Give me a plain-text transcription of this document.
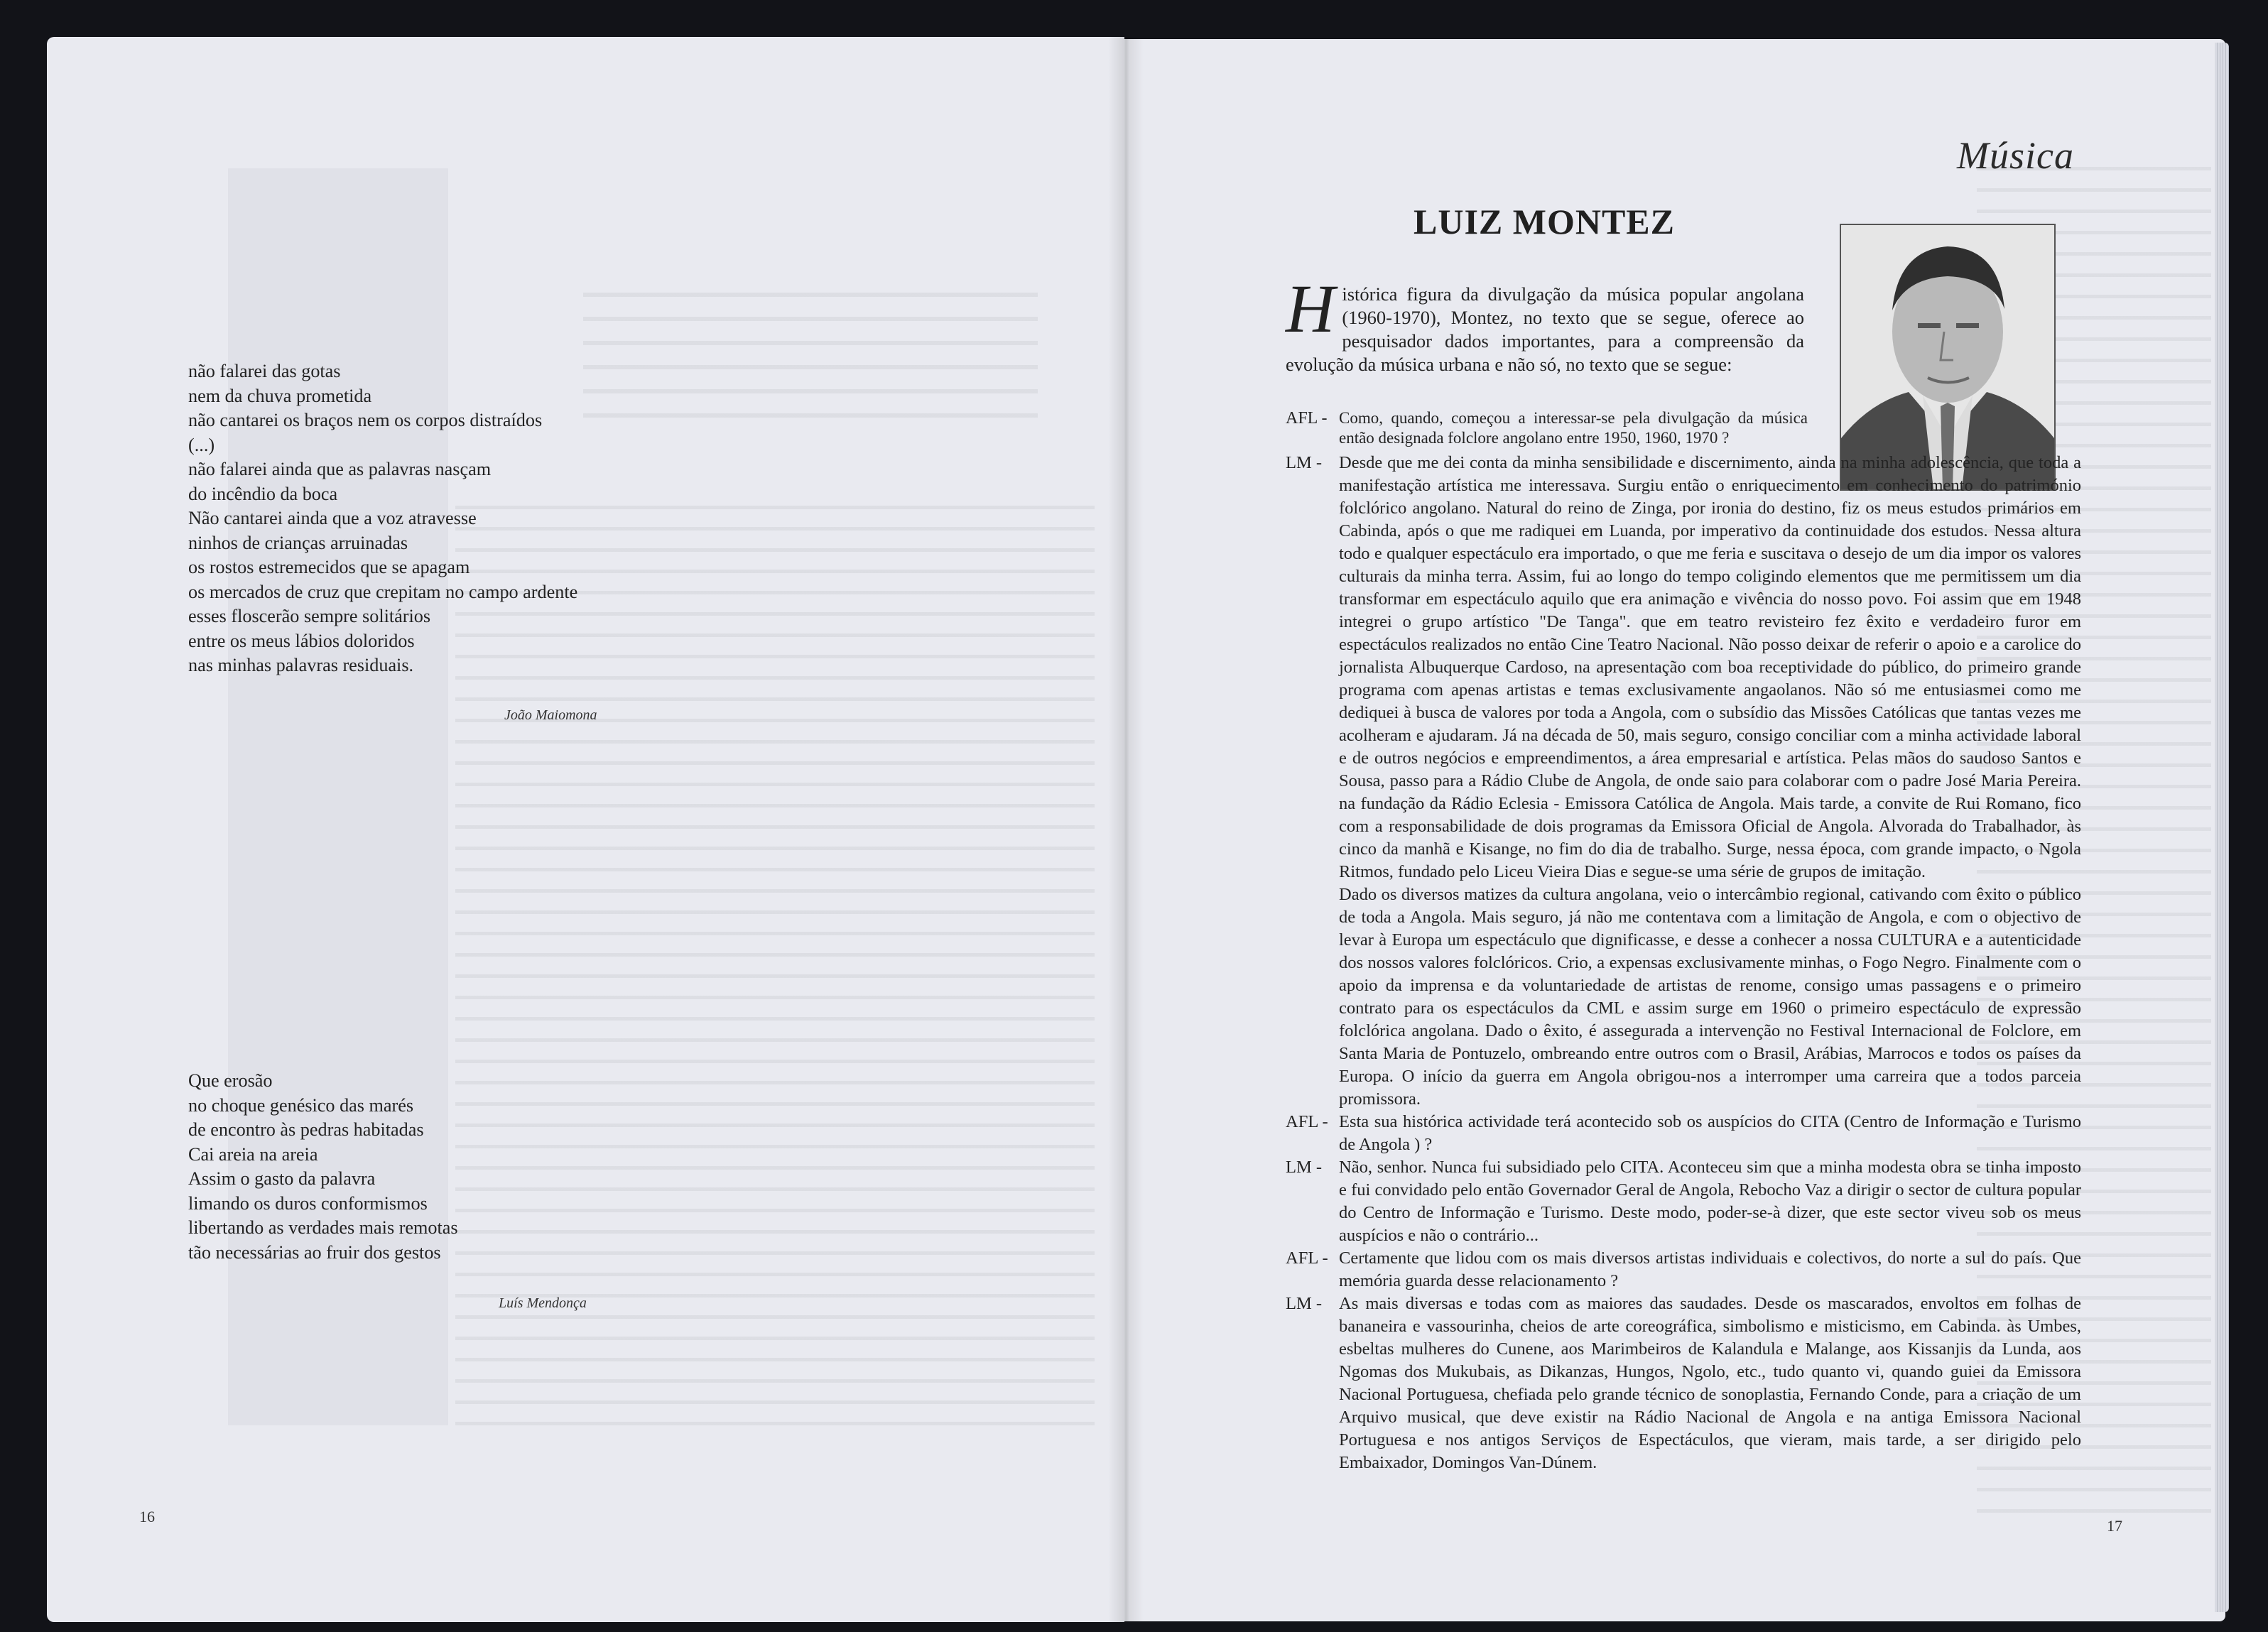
não falarei das gotas
nem da chuva prometida
não cantarei os braços nem os corpos distraídos
(...)
não falarei ainda que as palavras nasçam
do incêndio da boca
Não cantarei ainda que a voz atravesse
ninhos de crianças arruinadas
os rostos estremecidos que se apagam
os mercados de cruz que crepitam no campo ardente
esses floscerão sempre solitários
entre os meus lábios doloridos
nas minhas palavras residuais.
João Maiomona
Que erosão
no choque genésico das marés
de encontro às pedras habitadas
Cai areia na areia
Assim o gasto da palavra
limando os duros conformismos
libertando as verdades mais remotas
tão necessárias ao fruir dos gestos
Luís Mendonça
16
Música
LUIZ MONTEZ
H istórica figura da divulgação da música popular angolana (1960-1970), Montez, no texto que se segue, oferece ao pesquisador dados importantes, para a compreensão da evolução da música urbana e não só, no texto que se segue:
AFL - Como, quando, começou a interessar-se pela divulgação da música então designada folclore angolano entre 1950, 1960, 1970 ?
LM - Desde que me dei conta da minha sensibilidade e discernimento, ainda na minha adolescência, que toda a manifestação artística me interessava. Surgiu então o enriquecimento em conhecimento do património folclórico angolano. Natural do reino de Zinga, por ironia do destino, fiz os meus estudos primários em Cabinda, após o que me radiquei em Luanda, por imperativo da continuidade dos estudos. Nessa altura todo e qualquer espectáculo era importado, o que me feria e suscitava o desejo de um dia impor os valores culturais da minha terra. Assim, fui ao longo do tempo coligindo elementos que me permitissem um dia transformar em espectáculo aquilo que era animação e vivência do nosso povo. Foi assim que em 1948 integrei o grupo artístico "De Tanga". que em teatro revisteiro fez êxito e verdadeiro furor em espectáculos realizados no então Cine Teatro Nacional. Não posso deixar de referir o apoio e a carolice do jornalista Albuquerque Cardoso, na apresentação com boa receptividade do público, do primeiro grande programa com apenas artistas e temas exclusivamente angaolanos. Não só me entusiasmei como me dediquei à busca de valores por toda a Angola, com o subsídio das Missões Católicas que tantas vezes me acolheram e ajudaram. Já na década de 50, mais seguro, consigo conciliar com a minha actividade laboral e de outros negócios e empreendimentos, a área empresarial e artística. Pelas mãos do saudoso Santos e Sousa, passo para a Rádio Clube de Angola, de onde saio para colaborar com o padre José Maria Pereira. na fundação da Rádio Eclesia - Emissora Católica de Angola. Mais tarde, a convite de Rui Romano, fico com a responsabilidade de dois programas da Emissora Oficial de Angola. Alvorada do Trabalhador, às cinco da manhã e Kisange, no fim do dia de trabalho. Surge, nessa época, com grande impacto, o Ngola Ritmos, fundado pelo Liceu Vieira Dias e segue-se uma série de grupos de imitação.
Dado os diversos matizes da cultura angolana, veio o intercâmbio regional, cativando com êxito o público de toda a Angola. Mais seguro, já não me contentava com a limitação de Angola, e com o objectivo de levar à Europa um espectáculo que dignificasse, e desse a conhecer a nossa CULTURA e a autenticidade dos nossos valores folclóricos. Crio, a expensas exclusivamente minhas, o Fogo Negro. Finalmente com o apoio da imprensa e da voluntariedade de artistas de renome, consigo umas passagens e o primeiro contrato para os espectáculos da CML e assim surge em 1960 o primeiro espectáculo de expressão folclórica angolana. Dado o êxito, é assegurada a intervenção no Festival Internacional de Folclore, em Santa Maria de Pontuzelo, ombreando entre outros com o Brasil, Arábias, Marrocos e todos os países da Europa. O início da guerra em Angola obrigou-nos a interromper uma carreira que a todos parceia promissora.
AFL - Esta sua histórica actividade terá acontecido sob os auspícios do CITA (Centro de Informação e Turismo de Angola ) ?
LM - Não, senhor. Nunca fui subsidiado pelo CITA. Aconteceu sim que a minha modesta obra se tinha imposto e fui convidado pelo então Governador Geral de Angola, Rebocho Vaz a dirigir o sector de cultura popular do Centro de Informação e Turismo. Deste modo, poder-se-à dizer, que este sector viveu sob os meus auspícios e não o contrário...
AFL - Certamente que lidou com os mais diversos artistas individuais e colectivos, do norte a sul do país. Que memória guarda desse relacionamento ?
LM - As mais diversas e todas com as maiores das saudades. Desde os mascarados, envoltos em folhas de bananeira e vassourinha, cheios de arte coreográfica, simbolismo e misticismo, em Cabinda. às Umbes, esbeltas mulheres do Cunene, aos Marimbeiros de Kalandula e Malange, aos Kissanjis da Lunda, aos Ngomas dos Mukubais, as Dikanzas, Hungos, Ngolo, etc., tudo quanto vi, quando guiei da Emissora Nacional Portuguesa, chefiada pelo grande técnico de sonoplastia, Fernando Conde, para a criação de um Arquivo musical, que deve existir na Rádio Nacional de Angola e na antiga Emissora Nacional Portuguesa e nos antigos Serviços de Espectáculos, que vieram, mais tarde, a ser dirigido pelo Embaixador, Domingos Van-Dúnem.
17
